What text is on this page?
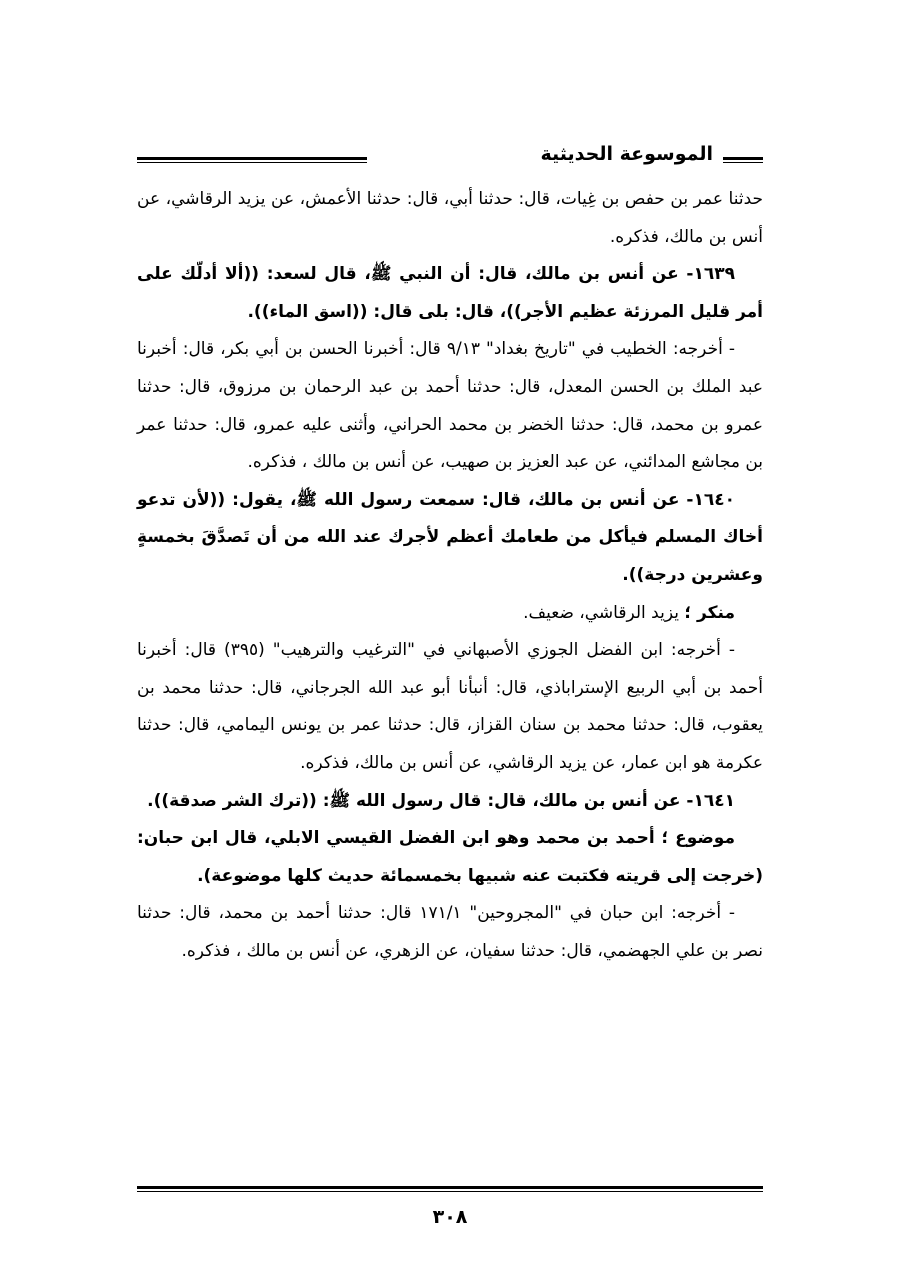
الموسوعة الحديثية

حدثنا عمر بن حفص بن غِيات، قال: حدثنا أبي، قال: حدثنا الأعمش، عن يزيد الرقاشي، عن أنس بن مالك، فذكره.

١٦٣٩- عن أنس بن مالك، قال: أن النبي ﷺ، قال لسعد: ((ألا أدلّك على أمر قليل المرزئة عظيم الأجر))، قال: بلى قال: ((اسق الماء)).

- أخرجه: الخطيب في "تاريخ بغداد" ٩/١٣ قال: أخبرنا الحسن بن أبي بكر، قال: أخبرنا عبد الملك بن الحسن المعدل، قال: حدثنا أحمد بن عبد الرحمان بن مرزوق، قال: حدثنا عمرو بن محمد، قال: حدثنا الخضر بن محمد الحراني، وأثنى عليه عمرو، قال: حدثنا عمر بن مجاشع المدائني، عن عبد العزيز بن صهيب، عن أنس بن مالك ، فذكره.

١٦٤٠- عن أنس بن مالك، قال: سمعت رسول الله ﷺ، يقول: ((لأن تدعو أخاك المسلم فيأكل من طعامك أعظم لأجرك عند الله من أن تَصدَّقَ بخمسةٍ وعشرين درجة)).

منكر ؛ يزيد الرقاشي، ضعيف.

- أخرجه: ابن الفضل الجوزي الأصبهاني في "الترغيب والترهيب" (٣٩٥) قال: أخبرنا أحمد بن أبي الربيع الإستراباذي، قال: أنبأنا أبو عبد الله الجرجاني، قال: حدثنا محمد بن يعقوب، قال: حدثنا محمد بن سنان القزاز، قال: حدثنا عمر بن يونس اليمامي، قال: حدثنا عكرمة هو ابن عمار، عن يزيد الرقاشي، عن أنس بن مالك، فذكره.

١٦٤١- عن أنس بن مالك، قال: قال رسول الله ﷺ: ((ترك الشر صدقة)).

موضوع ؛ أحمد بن محمد وهو ابن الفضل القيسي الابلي، قال ابن حبان: (خرجت إلى قريته فكتبت عنه شبيها بخمسمائة حديث كلها موضوعة).

- أخرجه: ابن حبان في "المجروحين" ١٧١/١ قال: حدثنا أحمد بن محمد، قال: حدثنا نصر بن علي الجهضمي، قال: حدثنا سفيان، عن الزهري، عن أنس بن مالك ، فذكره.

٣٠٨
